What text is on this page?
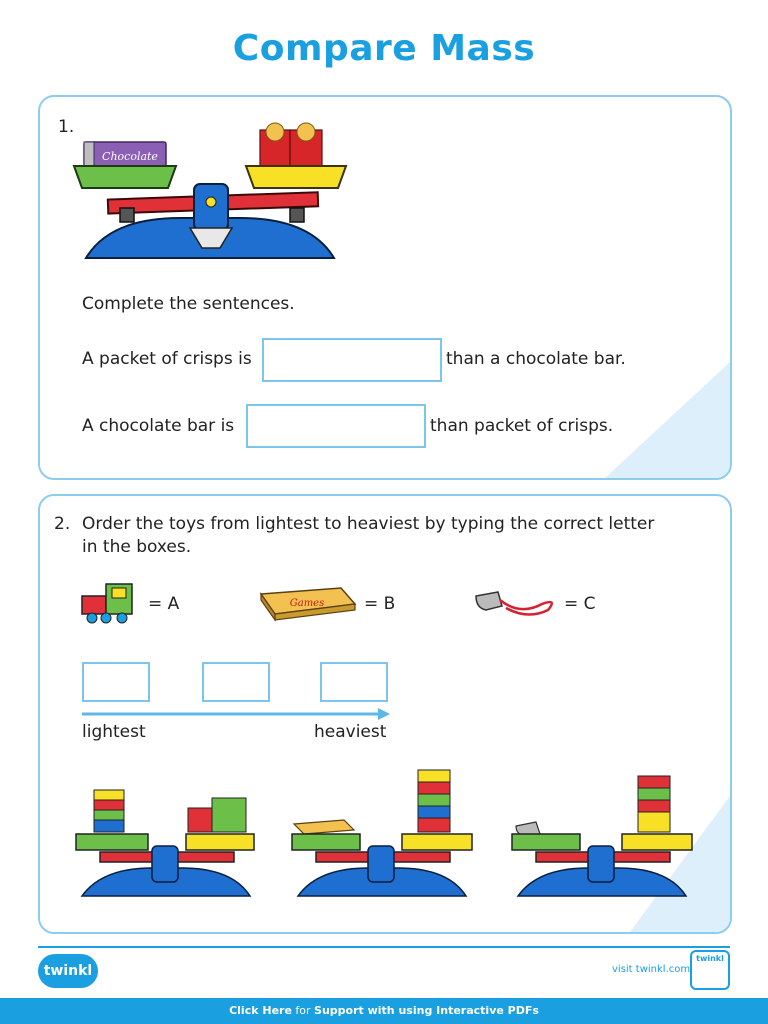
Compare Mass
1.
Chocolate
Complete the sentences.
A packet of crisps is	than a chocolate bar.
A chocolate bar is	than packet of crisps.
2. Order the toys from lightest to heaviest by typing the correct letter
in the boxes.
= A	Games = B	= C
lightest	heaviest
twinkl	visit twinkl.com
twinkl
Click Here for Support with using Interactive PDFs
